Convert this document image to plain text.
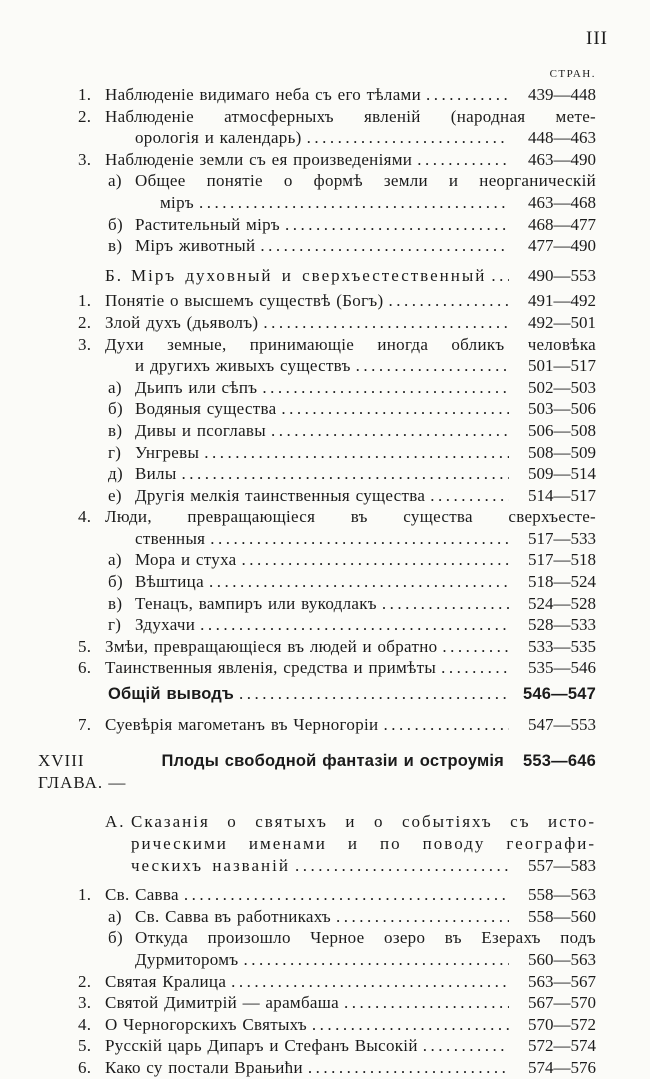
III
СТРАН.
1. Наблюденіе видимаго неба съ его тѣлами .....	439—448
2. Наблюденіе атмосферныхъ явленій (народная мете-
орологія и календарь) .....	448—463
3. Наблюденіе земли съ ея произведеніями .....	463—490
а) Общее понятіе о формѣ земли и неорганическій
міръ .....	463—468
б) Растительный міръ .....	468—477
в) Міръ животный .....	477—490
Б. Міръ духовный и сверхъестественный .....	490—553
1. Понятіе о высшемъ существѣ (Богъ) .....	491—492
2. Злой духъ (дьяволъ) .....	492—501
3. Духи земные, принимающіе иногда обликъ человѣка
и другихъ живыхъ существъ .....	501—517
а) Дьипъ или сѣпъ .....	502—503
б) Водяныя существа .....	503—506
в) Дивы и псоглавы .....	506—508
г) Унгревы .....	508—509
д) Вилы .....	509—514
е) Другія мелкія таинственныя существа .....	514—517
4. Люди, превращающіеся въ существа сверхъесте-
ственныя .....	517—533
а) Мора и стуха .....	517—518
б) Вѣштица .....	518—524
в) Тенацъ, вампиръ или вукодлакъ .....	524—528
г) Здухачи .....	528—533
5. Змѣи, превращающіеся въ людей и обратно .....	533—535
6. Таинственныя явленія, средства и примѣты .....	535—546
Общій выводъ .....	546—547
7. Суевѣрія магометанъ въ Черногоріи .....	547—553
XVIII ГЛАВА. —
Плоды свободной фантазіи и остроумія	553—646
А. Сказанія о святыхъ и о событіяхъ съ исто-
рическими именами и по поводу географи-
ческихъ названій .....	557—583
1. Св. Савва .....	558—563
а) Св. Савва въ работникахъ .....	558—560
б) Откуда произошло Черное озеро въ Езерахъ подъ
Дурмиторомъ .....	560—563
2. Святая Кралица .....	563—567
3. Святой Димитрій — арамбаша .....	567—570
4. О Черногорскихъ Святыхъ .....	570—572
5. Русскій царь Дипаръ и Стефанъ Высокій .....	572—574
6. Како су постали Врањићи .....	574—576
